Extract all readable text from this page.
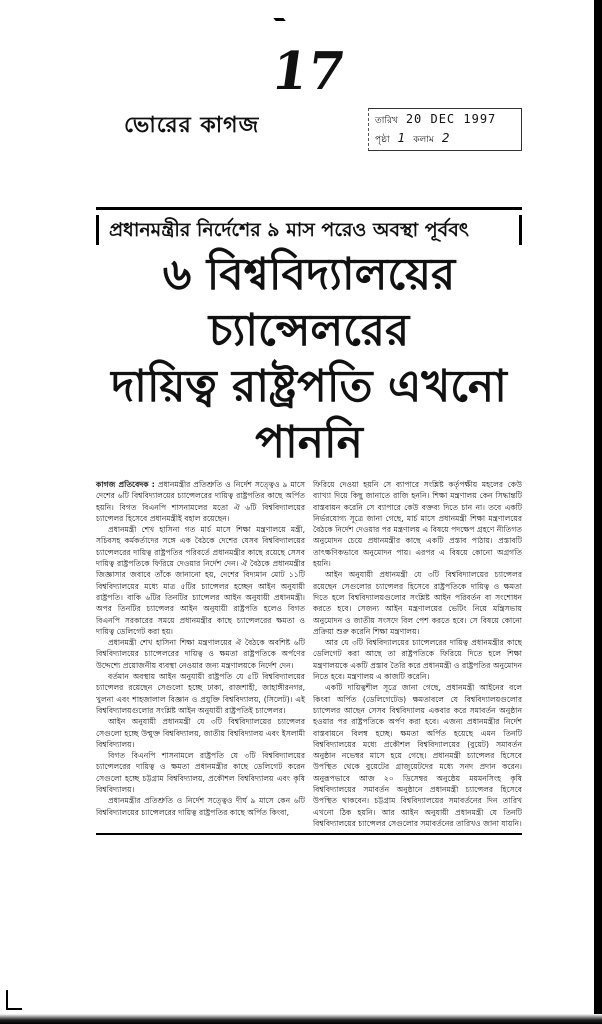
17
ভোরের কাগজ	তারিখ 20 DEC 1997
পৃষ্ঠা 1 কলাম 2
প্রধানমন্ত্রীর নির্দেশের ৯ মাস পরেও অবস্থা পূর্ববৎ
৬ বিশ্ববিদ্যালয়ের চ্যান্সেলরের
দায়িত্ব রাষ্ট্রপতি এখনো পাননি

কাগজ প্রতিবেদক : প্রধানমন্ত্রীর প্রতিশ্রুতি ও নির্দেশ সত্ত্বেও ৯ মাসে দেশের ৬টি বিশ্ববিদ্যালয়ের চ্যান্সেলরের দায়িত্ব রাষ্ট্রপতির কাছে অর্পিত হয়নি। বিগত বিএনপি শাসনামলের মতো ঐ ৬টি বিশ্ববিদ্যালয়ের চ্যান্সেলর হিসেবে প্রধানমন্ত্রীই বহাল রয়েছেন।

প্রধানমন্ত্রী শেখ হাসিনা গত মার্চ মাসে শিক্ষা মন্ত্রণালয়ে মন্ত্রী, সচিবসহ কর্মকর্তাদের সঙ্গে এক বৈঠকে দেশের যেসব বিশ্ববিদ্যালয়ের চ্যান্সেলরের দায়িত্ব রাষ্ট্রপতির পরিবর্তে প্রধানমন্ত্রীর কাছে রয়েছে সেসব দায়িত্ব রাষ্ট্রপতিকে ফিরিয়ে দেওয়ার নির্দেশ দেন। ঐ বৈঠকে প্রধানমন্ত্রীর জিজ্ঞাসার জবাবে তাঁকে জানানো হয়, দেশের বিদ্যমান মোট ১১টি বিশ্ববিদ্যালয়ের মধ্যে মাত্র ৫টির চ্যান্সেলর হচ্ছেন আইন অনুযায়ী রাষ্ট্রপতি। বাকি ৬টির তিনটির চ্যান্সেলর আইন অনুযায়ী প্রধানমন্ত্রী। অপর তিনটির চ্যান্সেলর আইন অনুযায়ী রাষ্ট্রপতি হলেও বিগত বিএনপি সরকারের সময়ে প্রধানমন্ত্রীর কাছে চ্যান্সেলরের ক্ষমতা ও দায়িত্ব ডেলিগেট করা হয়।

প্রধানমন্ত্রী শেখ হাসিনা শিক্ষা মন্ত্রণালয়ের ঐ বৈঠকে অবশিষ্ট ৬টি বিশ্ববিদ্যালয়ের চ্যান্সেলরের দায়িত্ব ও ক্ষমতা রাষ্ট্রপতিকে অর্পণের উদ্দেশ্যে প্রয়োজনীয় ব্যবস্থা নেওয়ার জন্য মন্ত্রণালয়কে নির্দেশ দেন।

বর্তমান অবস্থায় আইন অনুযায়ী রাষ্ট্রপতি যে ৫টি বিশ্ববিদ্যালয়ের চ্যান্সেলর রয়েছেন সেগুলো হচ্ছে ঢাকা, রাজশাহী, জাহাঙ্গীরনগর, খুলনা এবং শাহজালাল বিজ্ঞান ও প্রযুক্তি বিশ্ববিদ্যালয়, (সিলেট)। এই বিশ্ববিদ্যালয়গুলোর সংশ্লিষ্ট আইন অনুযায়ী রাষ্ট্রপতিই চ্যান্সেলর।

আইন অনুযায়ী প্রধানমন্ত্রী যে ৩টি বিশ্ববিদ্যালয়ের চ্যান্সেলর সেগুলো হচ্ছে উন্মুক্ত বিশ্ববিদ্যালয়, জাতীয় বিশ্ববিদ্যালয় এবং ইসলামী বিশ্ববিদ্যালয়।

বিগত বিএনপি শাসনামলে রাষ্ট্রপতি যে ৩টি বিশ্ববিদ্যালয়ের চ্যান্সেলরের দায়িত্ব ও ক্ষমতা প্রধানমন্ত্রীর কাছে ডেলিগেট করেন সেগুলো হচ্ছে চট্টগ্রাম বিশ্ববিদ্যালয়, প্রকৌশল বিশ্ববিদ্যালয় এবং কৃষি বিশ্ববিদ্যালয়।

প্রধানমন্ত্রীর প্রতিশ্রুতি ও নির্দেশ সত্ত্বেও দীর্ঘ ৯ মাসে কেন ৬টি বিশ্ববিদ্যালয়ের চ্যান্সেলরের দায়িত্ব রাষ্ট্রপতির কাছে অর্পিত কিংবা,

ফিরিয়ে দেওয়া হয়নি সে ব্যাপারে সংশ্লিষ্ট কর্তৃপক্ষীয় মহলের কেউ ব্যাখ্যা দিয়ে কিছু জানাতে রাজি হননি। শিক্ষা মন্ত্রণালয় কেন সিদ্ধান্তটি বাস্তবায়ন করেনি সে ব্যাপারে কেউ বক্তব্য দিতে চান না। তবে একটি নির্ভরযোগ্য সূত্রে জানা গেছে, মার্চ মাসে প্রধানমন্ত্রী শিক্ষা মন্ত্রণালয়ের বৈঠকে নির্দেশ দেওয়ার পর মন্ত্রণালয় এ বিষয়ে পদক্ষেপ গ্রহণে নীতিগত অনুমোদন চেয়ে প্রধানমন্ত্রীর কাছে একটি প্রস্তাব পাঠায়। প্রস্তাবটি তাৎক্ষণিকভাবে অনুমোদন পায়। এরপর এ বিষয়ে কোনো অগ্রগতি হয়নি।

আইন অনুযায়ী প্রধানমন্ত্রী যে ৩টি বিশ্ববিদ্যালয়ের চ্যান্সেলর রয়েছেন সেগুলোর চ্যান্সেলর হিসেবে রাষ্ট্রপতিকে দায়িত্ব ও ক্ষমতা দিতে হলে বিশ্ববিদ্যালয়গুলোর সংশ্লিষ্ট আইন পরিবর্তন বা সংশোধন করতে হবে। সেজন্য আইন মন্ত্রণালয়ের ভেটিং নিয়ে মন্ত্রিসভায় অনুমোদন ও জাতীয় সংসদে বিল পেশ করতে হবে। সে বিষয়ে কোনো প্রক্রিয়া শুরু করেনি শিক্ষা মন্ত্রণালয়।

আর যে ৩টি বিশ্ববিদ্যালয়ের চ্যান্সেলরের দায়িত্ব প্রধানমন্ত্রীর কাছে ডেলিগেট করা আছে তা রাষ্ট্রপতিকে ফিরিয়ে দিতে হলে শিক্ষা মন্ত্রণালয়কে একটি প্রস্তাব তৈরি করে প্রধানমন্ত্রী ও রাষ্ট্রপতির অনুমোদন নিতে হবে। মন্ত্রণালয় এ কাজটি করেনি।

একটি দায়িত্বশীল সূত্রে জানা গেছে, প্রধানমন্ত্রী আইনের বলে কিংবা অর্পিত (ডেলিগেটেড) ক্ষমতাবলে যে বিশ্ববিদ্যালয়গুলোর চ্যান্সেলর আছেন সেসব বিশ্ববিদ্যালয় একবার করে সমাবর্তন অনুষ্ঠান হওয়ার পর রাষ্ট্রপতিকে অর্পণ করা হবে। এজন্য প্রধানমন্ত্রীর নির্দেশ বাস্তবায়নে বিলম্ব হচ্ছে। ক্ষমতা অর্পিত হয়েছে এমন তিনটি বিশ্ববিদ্যালয়ের মধ্যে প্রকৌশল বিশ্ববিদ্যালয়ের (বুয়েট) সমাবর্তন অনুষ্ঠান নভেম্বর মাসে হয়ে গেছে। প্রধানমন্ত্রী চ্যান্সেলর হিসেবে উপস্থিত থেকে বুয়েটের গ্রাজুয়েটদের মধ্যে সনদ প্রদান করেন। অনুরূপভাবে আজ ২০ ডিসেম্বর অনুষ্ঠেয় ময়মনসিংহ কৃষি বিশ্ববিদ্যালয়ের সমাবর্তন অনুষ্ঠানে প্রধানমন্ত্রী চ্যান্সেলর হিসেবে উপস্থিত থাকবেন। চট্টগ্রাম বিশ্ববিদ্যালয়ের সমাবর্তনের দিন তারিখ এখনো ঠিক হয়নি। আর আইন অনুযায়ী প্রধানমন্ত্রী যে তিনটি বিশ্ববিদ্যালয়ের চ্যান্সেলর সেগুলোর সমাবর্তনের তারিখও জানা যায়নি।
